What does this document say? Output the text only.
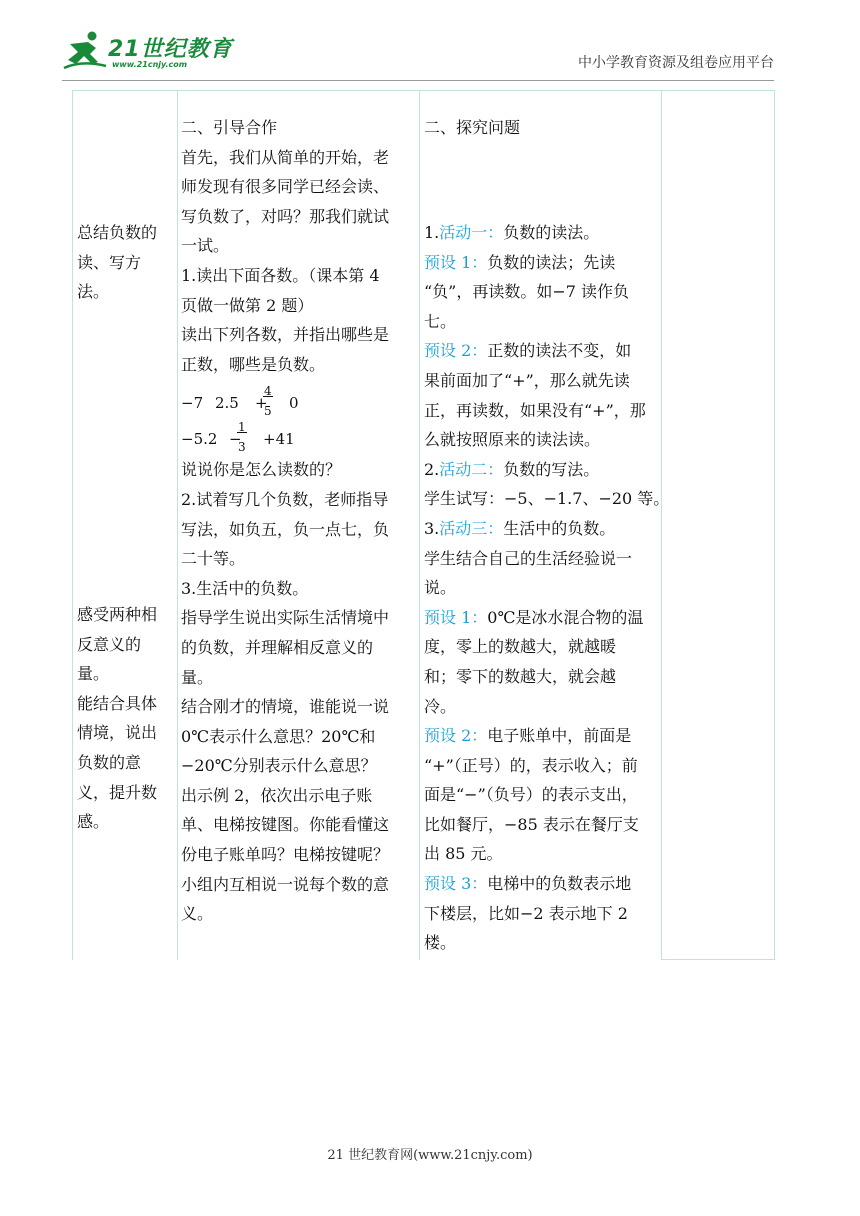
21世纪教育
www.21cnjy.com	中小学教育资源及组卷应用平台
总结负数的
读、写方
法。
感受两种相
反意义的
量。
能结合具体
情境，说出
负数的意
义，提升数
感。
二、引导合作
首先，我们从简单的开始，老
师发现有很多同学已经会读、
写负数了，对吗？那我们就试
一试。
1.读出下面各数。（课本第 4
页做一做第 2 题）
读出下列各数，并指出哪些是
正数，哪些是负数。
−7 2.5 +
4
5 0
−5.2 −
1
3 +41
说说你是怎么读数的？
2.试着写几个负数，老师指导
写法，如负五，负一点七，负
二十等。
3.生活中的负数。
指导学生说出实际生活情境中
的负数，并理解相反意义的
量。
结合刚才的情境，谁能说一说
0℃表示什么意思？20℃和
−20℃分别表示什么意思？
出示例 2，依次出示电子账
单、电梯按键图。你能看懂这
份电子账单吗？电梯按键呢？
小组内互相说一说每个数的意
义。
二、探究问题
1.活动一：负数的读法。
预设 1：负数的读法；先读
“负”，再读数。如−7 读作负
七。
预设 2：正数的读法不变，如
果前面加了“+”，那么就先读
正，再读数，如果没有“+”，那
么就按照原来的读法读。
2.活动二：负数的写法。
学生试写：−5、−1.7、−20 等。
3.活动三：生活中的负数。
学生结合自己的生活经验说一
说。
预设 1：0℃是冰水混合物的温
度，零上的数越大，就越暖
和；零下的数越大，就会越
冷。
预设 2：电子账单中，前面是
“+”（正号）的，表示收入；前
面是“−”（负号）的表示支出，
比如餐厅，−85 表示在餐厅支
出 85 元。
预设 3：电梯中的负数表示地
下楼层，比如−2 表示地下 2
楼。
21 世纪教育网(www.21cnjy.com)
